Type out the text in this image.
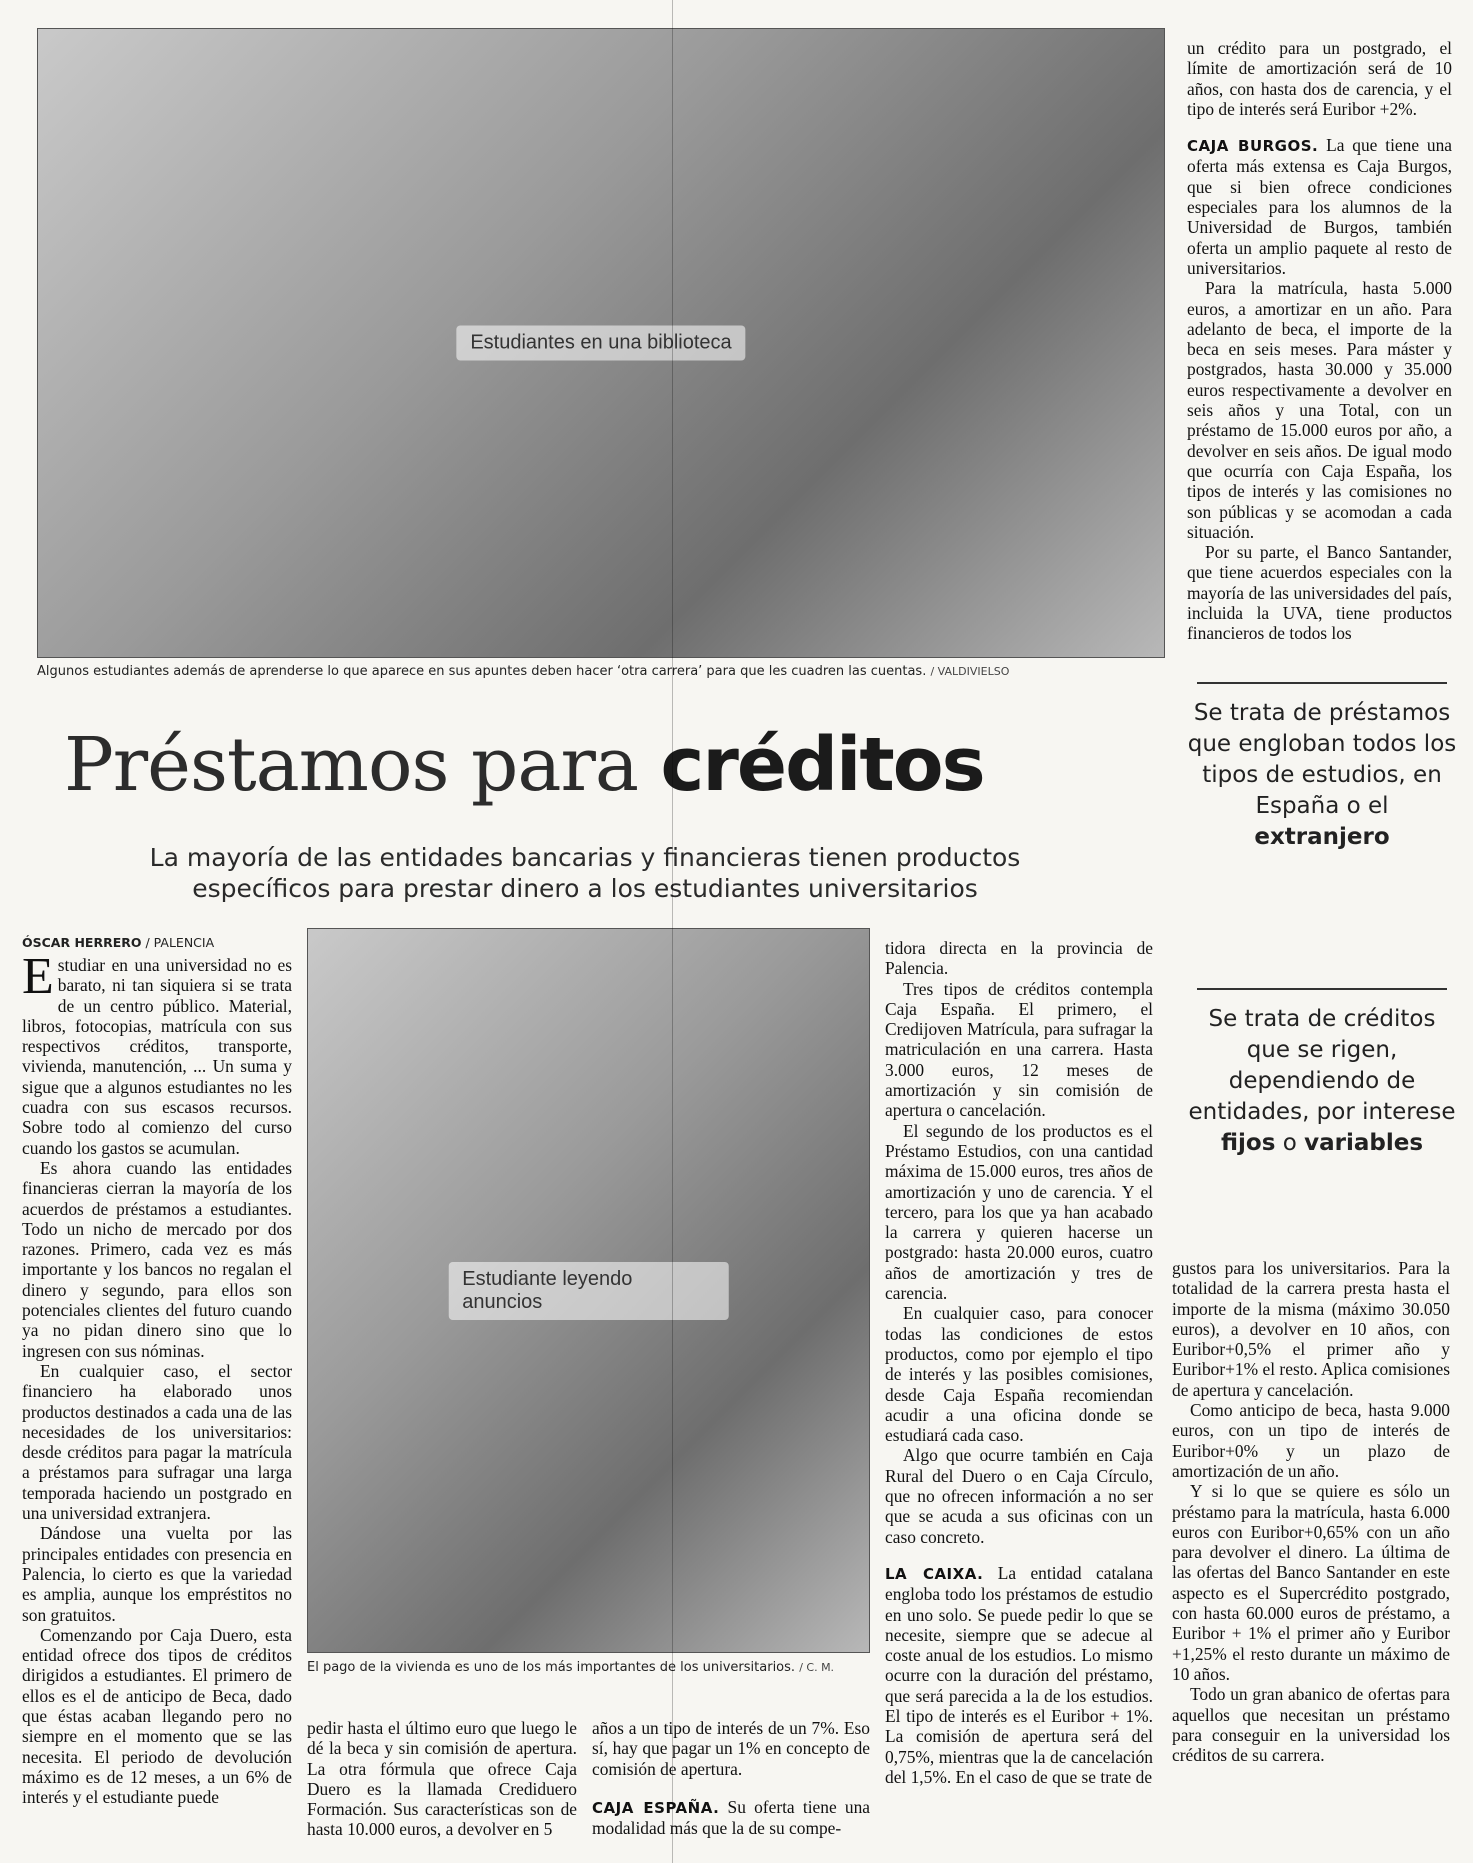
Estudiantes en una biblioteca
Algunos estudiantes además de aprenderse lo que aparece en sus apuntes deben hacer ‘otra carrera’ para que les cuadren las cuentas. / VALDIVIELSO
Préstamos para créditos
La mayoría de las entidades bancarias y financieras tienen productos
específicos para prestar dinero a los estudiantes universitarios
ÓSCAR HERRERO / PALENCIA

Estudiar en una universidad no es barato, ni tan siquiera si se trata de un centro público. Material, libros, fotocopias, matrícula con sus respectivos créditos, transporte, vivienda, manutención, ... Un suma y sigue que a algunos estudiantes no les cuadra con sus escasos recursos. Sobre todo al comienzo del curso cuando los gastos se acumulan.

Es ahora cuando las entidades financieras cierran la mayoría de los acuerdos de préstamos a estudiantes. Todo un nicho de mercado por dos razones. Primero, cada vez es más importante y los bancos no regalan el dinero y segundo, para ellos son potenciales clientes del futuro cuando ya no pidan dinero sino que lo ingresen con sus nóminas.

En cualquier caso, el sector financiero ha elaborado unos productos destinados a cada una de las necesidades de los universitarios: desde créditos para pagar la matrícula a préstamos para sufragar una larga temporada haciendo un postgrado en una universidad extranjera.

Dándose una vuelta por las principales entidades con presencia en Palencia, lo cierto es que la variedad es amplia, aunque los empréstitos no son gratuitos.

Comenzando por Caja Duero, esta entidad ofrece dos tipos de créditos dirigidos a estudiantes. El primero de ellos es el de anticipo de Beca, dado que éstas acaban llegando pero no siempre en el momento que se las necesita. El periodo de devolución máximo es de 12 meses, a un 6% de interés y el estudiante puede

Estudiante leyendo anuncios
El pago de la vivienda es uno de los más importantes de los universitarios. / C. M.

pedir hasta el último euro que luego le dé la beca y sin comisión de apertura. La otra fórmula que ofrece Caja Duero es la llamada Crediduero Formación. Sus características son de hasta 10.000 euros, a devolver en 5

años a un tipo de interés de un 7%. Eso sí, hay que pagar un 1% en concepto de comisión de apertura.

CAJA ESPAÑA. Su oferta tiene una modalidad más que la de su compe-

tidora directa en la provincia de Palencia.

Tres tipos de créditos contempla Caja España. El primero, el Credijoven Matrícula, para sufragar la matriculación en una carrera. Hasta 3.000 euros, 12 meses de amortización y sin comisión de apertura o cancelación.

El segundo de los productos es el Préstamo Estudios, con una cantidad máxima de 15.000 euros, tres años de amortización y uno de carencia. Y el tercero, para los que ya han acabado la carrera y quieren hacerse un postgrado: hasta 20.000 euros, cuatro años de amortización y tres de carencia.

En cualquier caso, para conocer todas las condiciones de estos productos, como por ejemplo el tipo de interés y las posibles comisiones, desde Caja España recomiendan acudir a una oficina donde se estudiará cada caso.

Algo que ocurre también en Caja Rural del Duero o en Caja Círculo, que no ofrecen información a no ser que se acuda a sus oficinas con un caso concreto.

LA CAIXA. La entidad catalana engloba todo los préstamos de estudio en uno solo. Se puede pedir lo que se necesite, siempre que se adecue al coste anual de los estudios. Lo mismo ocurre con la duración del préstamo, que será parecida a la de los estudios. El tipo de interés es el Euribor + 1%. La comisión de apertura será del 0,75%, mientras que la de cancelación del 1,5%. En el caso de que se trate de

un crédito para un postgrado, el límite de amortización será de 10 años, con hasta dos de carencia, y el tipo de interés será Euribor +2%.

CAJA BURGOS. La que tiene una oferta más extensa es Caja Burgos, que si bien ofrece condiciones especiales para los alumnos de la Universidad de Burgos, también oferta un amplio paquete al resto de universitarios.

Para la matrícula, hasta 5.000 euros, a amortizar en un año. Para adelanto de beca, el importe de la beca en seis meses. Para máster y postgrados, hasta 30.000 y 35.000 euros respectivamente a devolver en seis años y una Total, con un préstamo de 15.000 euros por año, a devolver en seis años. De igual modo que ocurría con Caja España, los tipos de interés y las comisiones no son públicas y se acomodan a cada situación.

Por su parte, el Banco Santander, que tiene acuerdos especiales con la mayoría de las universidades del país, incluida la UVA, tiene productos financieros de todos los

Se trata de préstamos que engloban todos los tipos de estudios, en España o el extranjero
Se trata de créditos que se rigen, dependiendo de entidades, por interese fijos o variables

gustos para los universitarios. Para la totalidad de la carrera presta hasta el importe de la misma (máximo 30.050 euros), a devolver en 10 años, con Euribor+0,5% el primer año y Euribor+1% el resto. Aplica comisiones de apertura y cancelación.

Como anticipo de beca, hasta 9.000 euros, con un tipo de interés de Euribor+0% y un plazo de amortización de un año.

Y si lo que se quiere es sólo un préstamo para la matrícula, hasta 6.000 euros con Euribor+0,65% con un año para devolver el dinero. La última de las ofertas del Banco Santander en este aspecto es el Supercrédito postgrado, con hasta 60.000 euros de préstamo, a Euribor + 1% el primer año y Euribor +1,25% el resto durante un máximo de 10 años.

Todo un gran abanico de ofertas para aquellos que necesitan un préstamo para conseguir en la universidad los créditos de su carrera.
